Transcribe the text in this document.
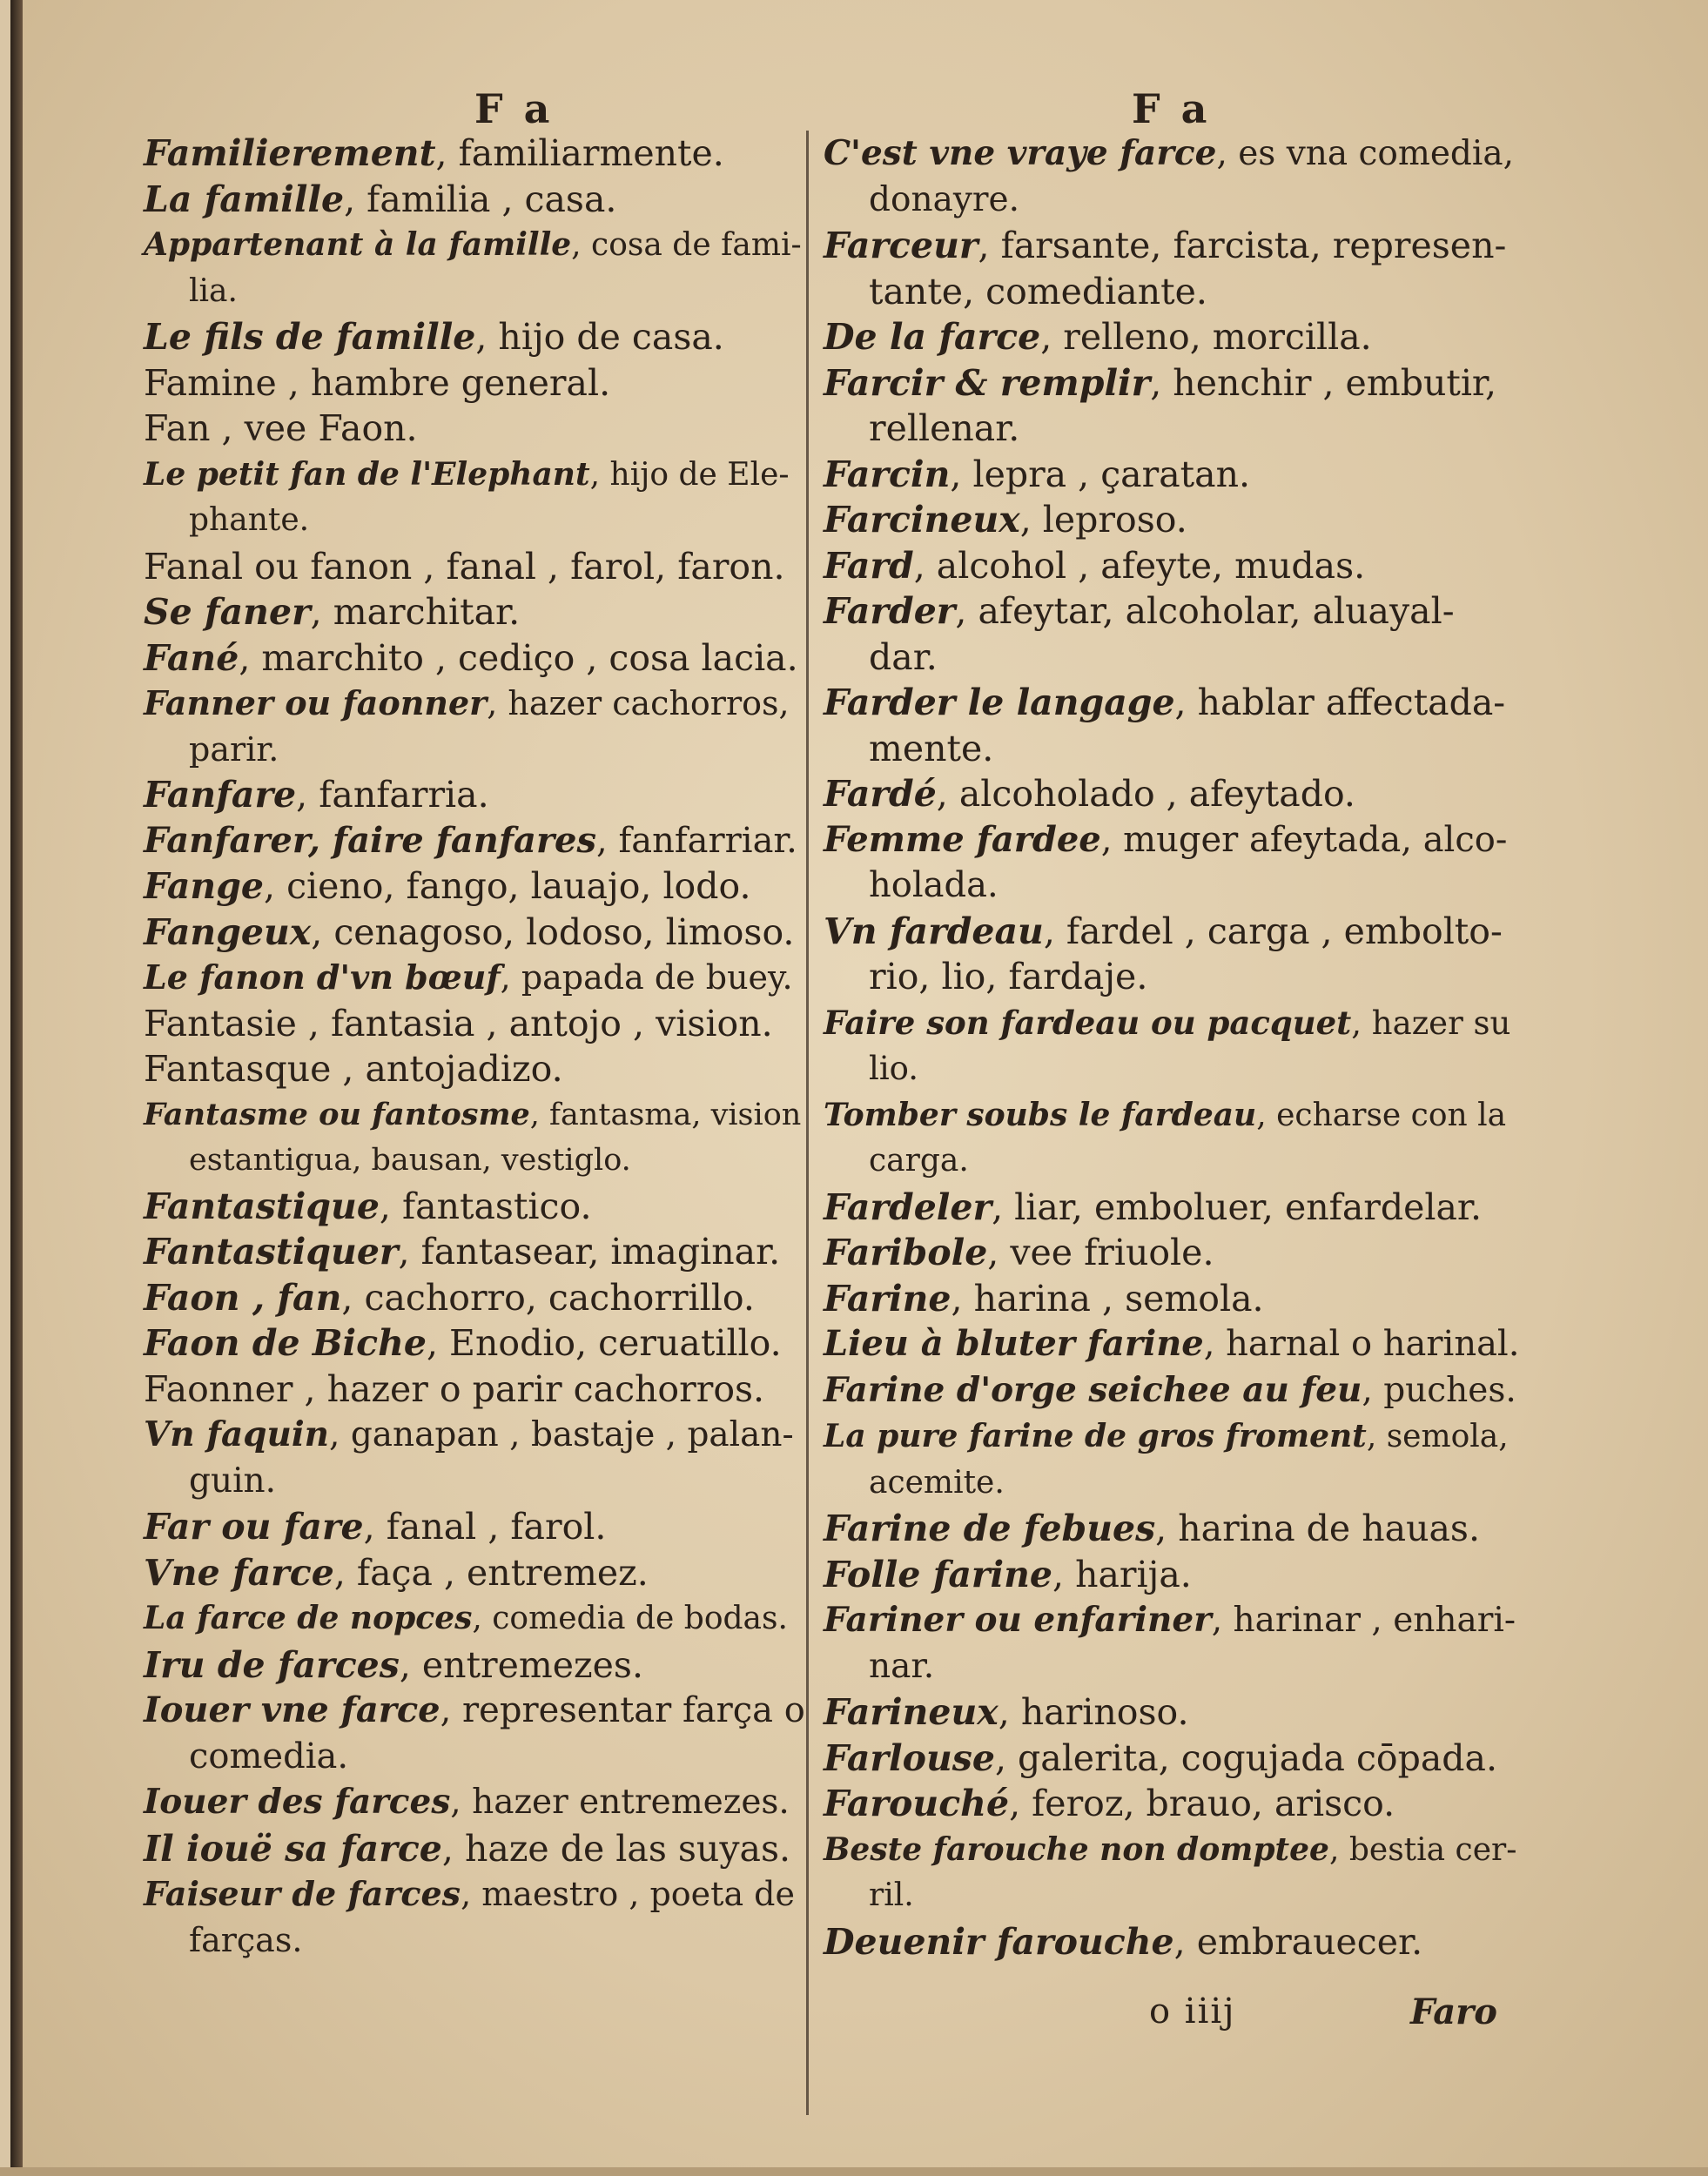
F a	F a

Familierement, familiarmente.

La famille, familia , casa.

Appartenant à la famille, cosa de fami-
lia.

Le fils de famille, hijo de casa.

Famine , hambre general.

Fan , vee Faon.

Le petit fan de l'Elephant, hijo de Ele-
phante.

Fanal ou fanon , fanal , farol, faron.

Se faner, marchitar.

Fané, marchito , cediço , cosa lacia.

Fanner ou faonner, hazer cachorros,
parir.

Fanfare, fanfarria.

Fanfarer, faire fanfares, fanfarriar.

Fange, cieno, fango, lauajo, lodo.

Fangeux, cenagoso, lodoso, limoso.

Le fanon d'vn bœuf, papada de buey.

Fantasie , fantasia , antojo , vision.

Fantasque , antojadizo.

Fantasme ou fantosme, fantasma, vision
estantigua, bausan, vestiglo.

Fantastique, fantastico.

Fantastiquer, fantasear, imaginar.

Faon , fan, cachorro, cachorrillo.

Faon de Biche, Enodio, ceruatillo.

Faonner , hazer o parir cachorros.

Vn faquin, ganapan , bastaje , palan-
guin.

Far ou fare, fanal , farol.

Vne farce, faça , entremez.

La farce de nopces, comedia de bodas.

Iru de farces, entremezes.

Iouer vne farce, representar farça o
comedia.

Iouer des farces, hazer entremezes.

Il iouë sa farce, haze de las suyas.

Faiseur de farces, maestro , poeta de
farças.

C'est vne vraye farce, es vna comedia,
donayre.

Farceur, farsante, farcista, represen-
tante, comediante.

De la farce, relleno, morcilla.

Farcir & remplir, henchir , embutir,
rellenar.

Farcin, lepra , çaratan.

Farcineux, leproso.

Fard, alcohol , afeyte, mudas.

Farder, afeytar, alcoholar, aluayal-
dar.

Farder le langage, hablar affectada-
mente.

Fardé, alcoholado , afeytado.

Femme fardee, muger afeytada, alco-
holada.

Vn fardeau, fardel , carga , embolto-
rio, lio, fardaje.

Faire son fardeau ou pacquet, hazer su
lio.

Tomber soubs le fardeau, echarse con la
carga.

Fardeler, liar, emboluer, enfardelar.

Faribole, vee friuole.

Farine, harina , semola.

Lieu à bluter farine, harnal o harinal.

Farine d'orge seichee au feu, puches.

La pure farine de gros froment, semola,
acemite.

Farine de febues, harina de hauas.

Folle farine, harija.

Fariner ou enfariner, harinar , enhari-
nar.

Farineux, harinoso.

Farlouse, galerita, cogujada cōpada.

Farouché, feroz, brauo, arisco.

Beste farouche non domptee, bestia cer-
ril.

Deuenir farouche, embrauecer.

o iiij	Faro
